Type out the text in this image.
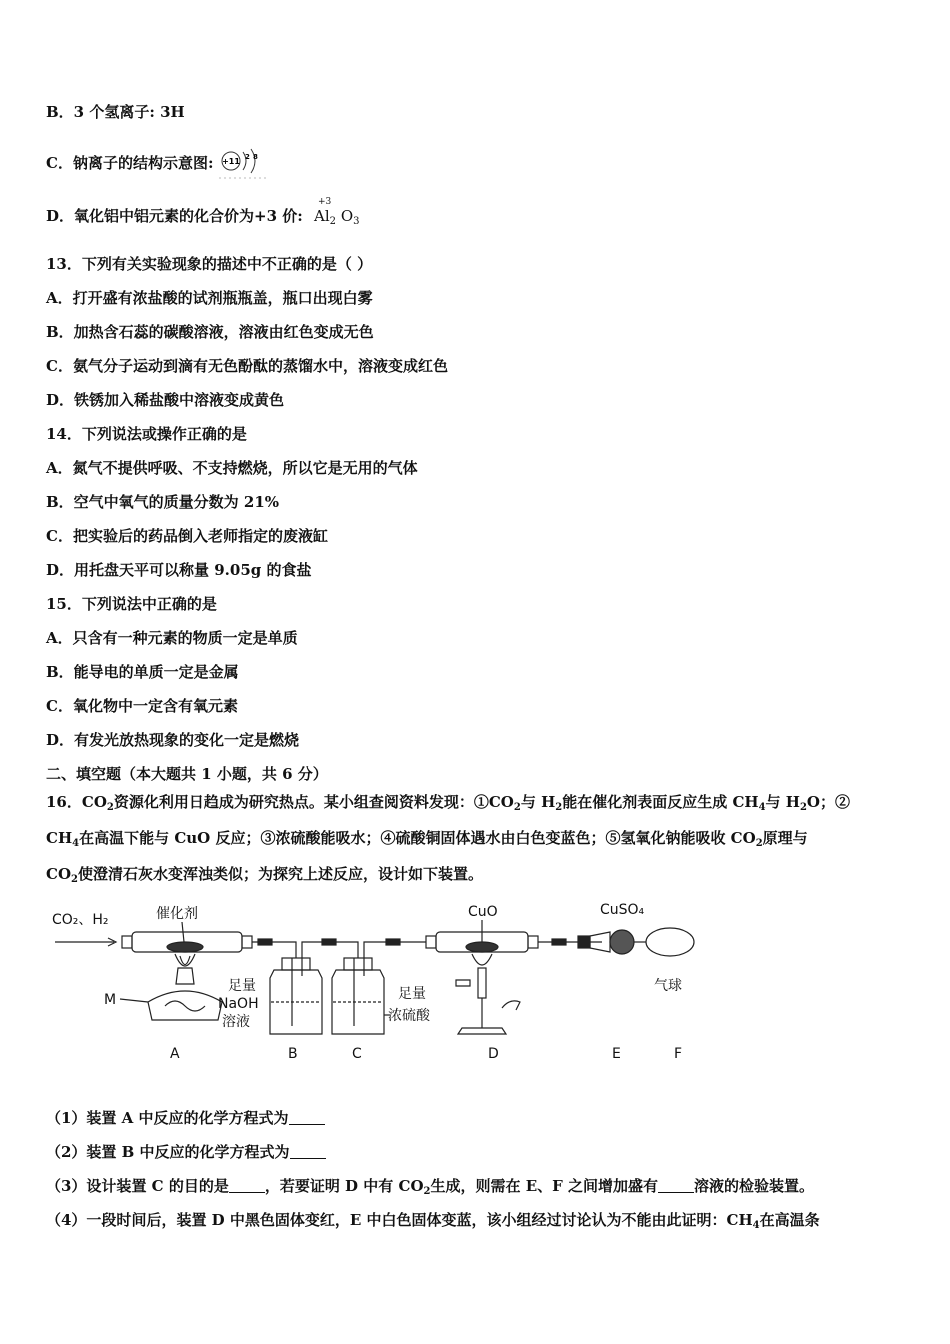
B．3 个氢离子: 3H
C．钠离子的结构示意图: +11 2 8
D．氧化铝中铝元素的化合价为+3 价:
+3
$Al_2$ $O_3$
13．下列有关实验现象的描述中不正确的是（ ）
A．打开盛有浓盐酸的试剂瓶瓶盖，瓶口出现白雾
B．加热含石蕊的碳酸溶液，溶液由红色变成无色
C．氨气分子运动到滴有无色酚酞的蒸馏水中，溶液变成红色
D．铁锈加入稀盐酸中溶液变成黄色
14．下列说法或操作正确的是
A．氮气不提供呼吸、不支持燃烧，所以它是无用的气体
B．空气中氧气的质量分数为 21%
C．把实验后的药品倒入老师指定的废液缸
D．用托盘天平可以称量 9.05g 的食盐
15．下列说法中正确的是
A．只含有一种元素的物质一定是单质
B．能导电的单质一定是金属
C．氧化物中一定含有氧元素
D．有发光放热现象的变化一定是燃烧
二、填空题（本大题共 1 小题，共 6 分）
16．$CO_2$资源化利用日趋成为研究热点。某小组查阅资料发现：$①CO_2$与 $H_2$能在催化剂表面反应生成 $CH_4$与 $H_2O$；②
$CH_4$在高温下能与 CuO 反应；③浓硫酸能吸水；④硫酸铜固体遇水由白色变蓝色；⑤氢氧化钠能吸收 $CO_2$原理与
$CO_2$使澄清石灰水变浑浊类似；为探究上述反应，设计如下装置。
CO₂、H₂	催化剂
M
足量
NaOH
溶液
足量
浓硫酸
CuO	CuSO₄
气球
A	B	C	D	E	F
（1）装置 A 中反应的化学方程式为
（2）装置 B 中反应的化学方程式为
（3）设计装置 C 的目的是 ，若要证明 D 中有 $CO_2$生成，则需在 E、F 之间增加盛有 溶液的检验装置。
（4）一段时间后，装置 D 中黑色固体变红，E 中白色固体变蓝，该小组经过讨论认为不能由此证明：$CH_4$在高温条
